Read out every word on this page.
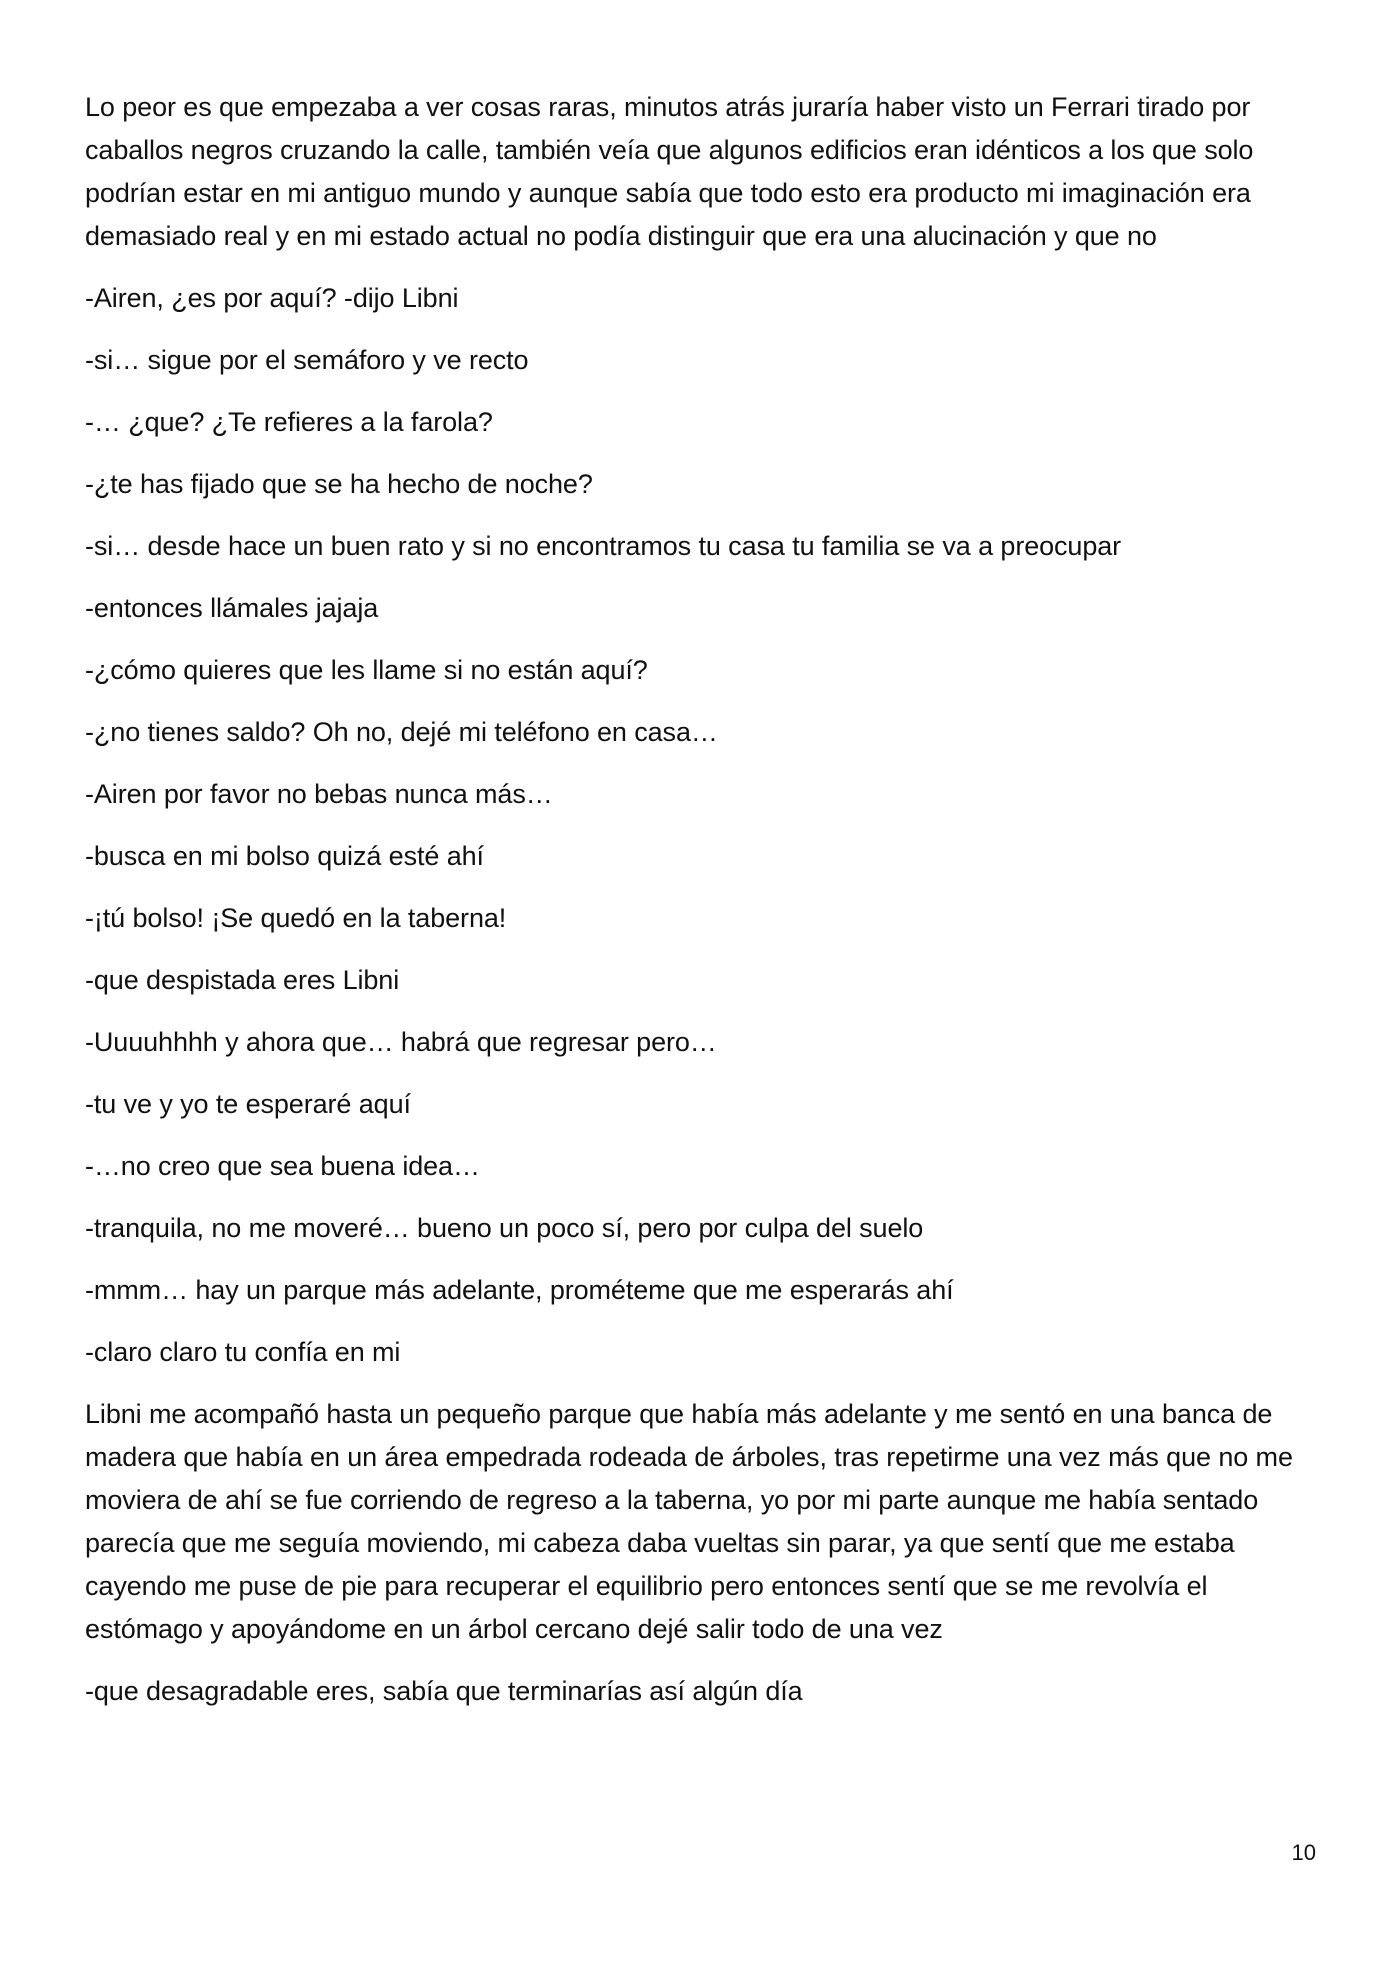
Lo peor es que empezaba a ver cosas raras, minutos atrás juraría haber visto un Ferrari tirado por caballos negros cruzando la calle, también veía que algunos edificios eran idénticos a los que solo podrían estar en mi antiguo mundo y aunque sabía que todo esto era producto mi imaginación era demasiado real y en mi estado actual no podía distinguir que era una alucinación y que no

-Airen, ¿es por aquí? -dijo Libni

-si… sigue por el semáforo y ve recto

-… ¿que? ¿Te refieres a la farola?

-¿te has fijado que se ha hecho de noche?

-si… desde hace un buen rato y si no encontramos tu casa tu familia se va a preocupar

-entonces llámales jajaja

-¿cómo quieres que les llame si no están aquí?

-¿no tienes saldo? Oh no, dejé mi teléfono en casa…

-Airen por favor no bebas nunca más…

-busca en mi bolso quizá esté ahí

-¡tú bolso! ¡Se quedó en la taberna!

-que despistada eres Libni

-Uuuuhhhh y ahora que… habrá que regresar pero…

-tu ve y yo te esperaré aquí

-…no creo que sea buena idea…

-tranquila, no me moveré… bueno un poco sí, pero por culpa del suelo

-mmm… hay un parque más adelante, prométeme que me esperarás ahí

-claro claro tu confía en mi

Libni me acompañó hasta un pequeño parque que había más adelante y me sentó en una banca de madera que había en un área empedrada rodeada de árboles, tras repetirme una vez más que no me moviera de ahí se fue corriendo de regreso a la taberna, yo por mi parte aunque me había sentado parecía que me seguía moviendo, mi cabeza daba vueltas sin parar, ya que sentí que me estaba cayendo me puse de pie para recuperar el equilibrio pero entonces sentí que se me revolvía el estómago y apoyándome en un árbol cercano dejé salir todo de una vez

-que desagradable eres, sabía que terminarías así algún día

10
